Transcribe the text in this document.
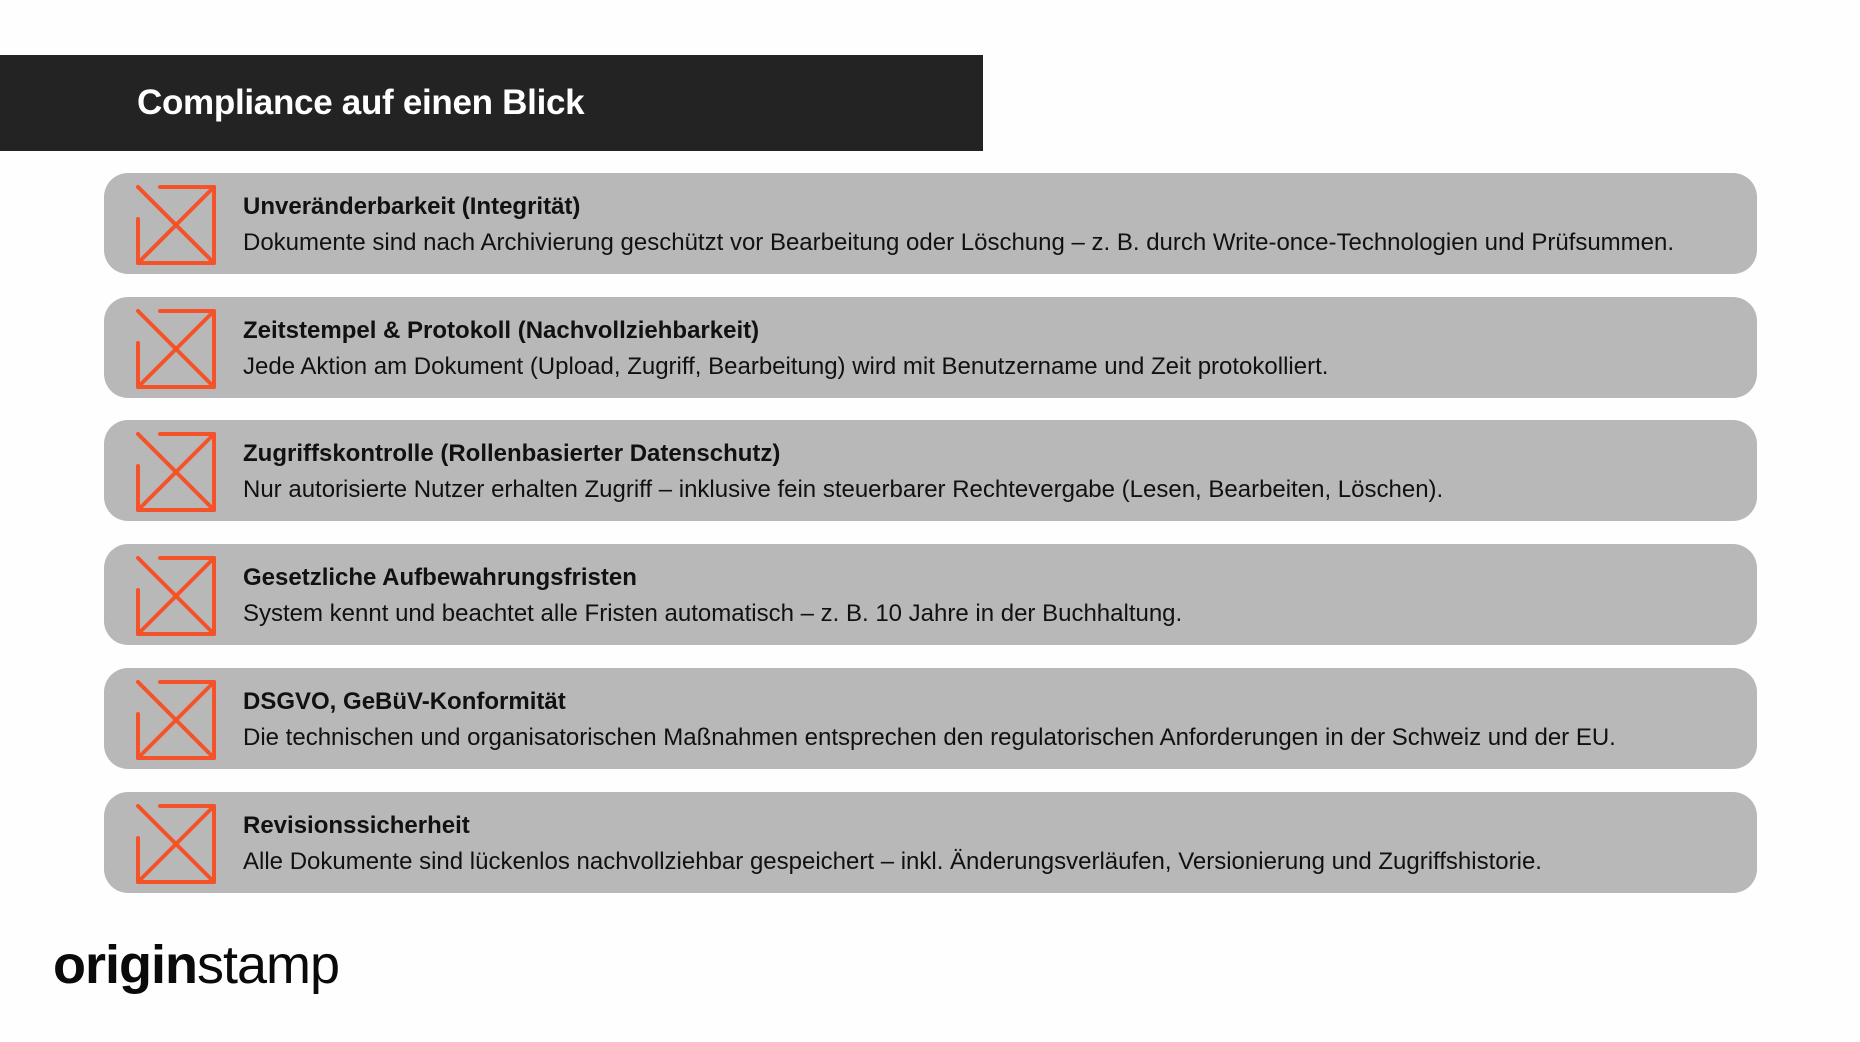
Compliance auf einen Blick
Unveränderbarkeit (Integrität)
Dokumente sind nach Archivierung geschützt vor Bearbeitung oder Löschung – z. B. durch Write-once-Technologien und Prüfsummen.
Zeitstempel & Protokoll (Nachvollziehbarkeit)
Jede Aktion am Dokument (Upload, Zugriff, Bearbeitung) wird mit Benutzername und Zeit protokolliert.
Zugriffskontrolle (Rollenbasierter Datenschutz)
Nur autorisierte Nutzer erhalten Zugriff – inklusive fein steuerbarer Rechtevergabe (Lesen, Bearbeiten, Löschen).
Gesetzliche Aufbewahrungsfristen
System kennt und beachtet alle Fristen automatisch – z. B. 10 Jahre in der Buchhaltung.
DSGVO, GeBüV-Konformität
Die technischen und organisatorischen Maßnahmen entsprechen den regulatorischen Anforderungen in der Schweiz und der EU.
Revisionssicherheit
Alle Dokumente sind lückenlos nachvollziehbar gespeichert – inkl. Änderungsverläufen, Versionierung und Zugriffshistorie.
originstamp
